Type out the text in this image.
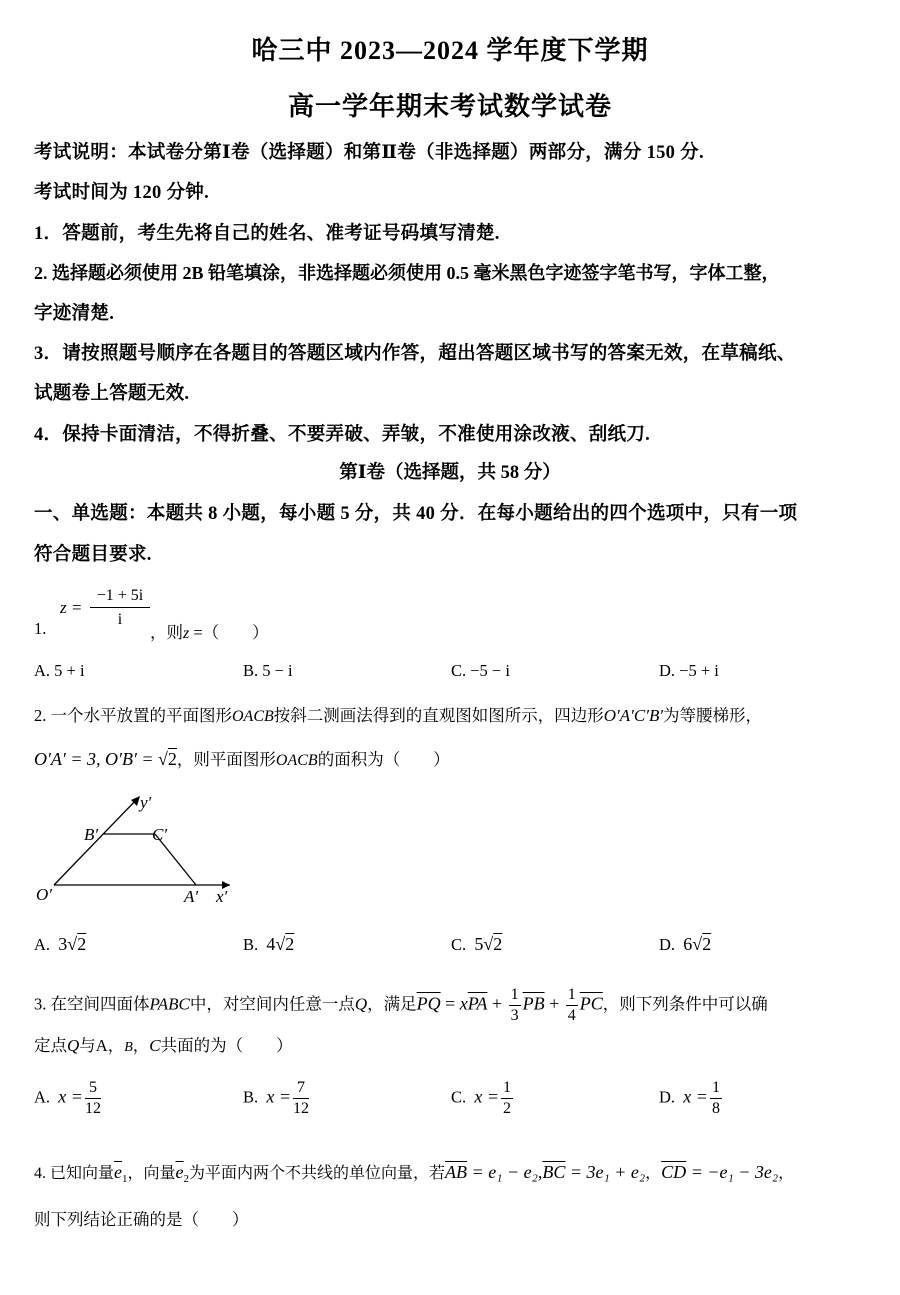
哈三中 2023—2024 学年度下学期
高一学年期末考试数学试卷
考试说明：本试卷分第Ⅰ卷（选择题）和第Ⅱ卷（非选择题）两部分，满分 150 分.
考试时间为 120 分钟.
1．答题前，考生先将自己的姓名、准考证号码填写清楚.
2. 选择题必须使用 2B 铅笔填涂，非选择题必须使用 0.5 毫米黑色字迹签字笔书写，字体工整，
字迹清楚.
3．请按照题号顺序在各题目的答题区域内作答，超出答题区域书写的答案无效，在草稿纸、
试题卷上答题无效.
4．保持卡面清洁，不得折叠、不要弄破、弄皱，不准使用涂改液、刮纸刀.
第Ⅰ卷（选择题，共 58 分）
一、单选题：本题共 8 小题，每小题 5 分，共 40 分．在每小题给出的四个选项中，只有一项
符合题目要求.
1.
$z = \frac{-1 + 5i}{i}$
，则z =（　　）
A. 5 + i	B. 5 − i	C. −5 − i	D. −5 + i
2. 一个水平放置的平面图形OACB按斜二测画法得到的直观图如图所示，四边形O′A′C′B′为等腰梯形，
O′A′ = 3, O′B′ = √2，则平面图形OACB的面积为（　　）
O′	A′
B′	C′
x′
y′
A. 3√2	B. 4√2	C. 5√2	D. 6√2
3. 在空间四面体PABC中，对空间内任意一点Q，满足$\overline{PQ} = x\overline{PA} + \frac{1}{3} \overline{PB} + \frac{1}{4} \overline{PC}$，则下列条件中可以确
定点Q与A，B，C共面的为（　　）
A. $x = \frac{5}{12}$	B. $x = \frac{7}{12}$	C. $x = \frac{1}{2}$	D. $x = \frac{1}{8}$
4. 已知向量$\overline{e}_1$，向量$\overline{e}_2$为平面内两个不共线的单位向量，若$\overline{AB} = e_1 - e_2,\overline{BC} = 3e_1 + e_2$，$\overline{CD} = -e_1 - 3e_2$，
则下列结论正确的是（　　）
